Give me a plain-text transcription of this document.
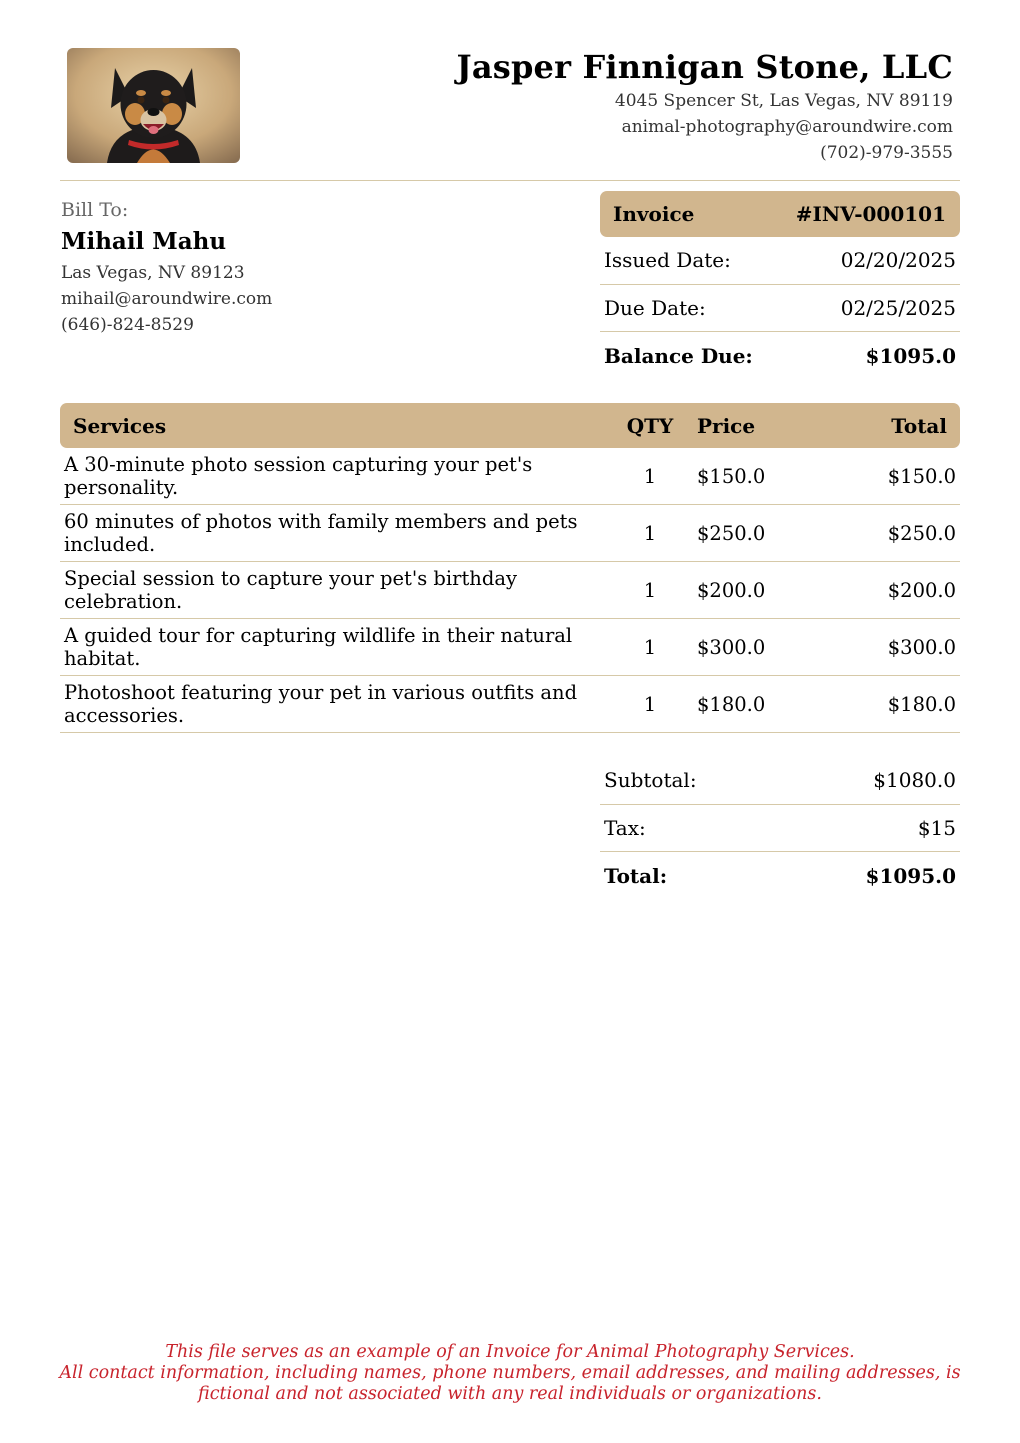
Jasper Finnigan Stone, LLC
4045 Spencer St, Las Vegas, NV 89119
animal-photography@aroundwire.com
(702)-979-3555
Bill To:
Mihail Mahu
Las Vegas, NV 89123
mihail@aroundwire.com
(646)-824-8529
Invoice	#INV-000101
Issued Date:	02/20/2025
Due Date:	02/25/2025
Balance Due:	$1095.0
Services	QTY	Price	Total
A 30-minute photo session capturing your pet's personality.	1	$150.0	$150.0
60 minutes of photos with family members and pets included.	1	$250.0	$250.0
Special session to capture your pet's birthday celebration.	1	$200.0	$200.0
A guided tour for capturing wildlife in their natural habitat.	1	$300.0	$300.0
Photoshoot featuring your pet in various outfits and accessories.	1	$180.0	$180.0
Subtotal:	$1080.0
Tax:	$15
Total:	$1095.0
This file serves as an example of an Invoice for Animal Photography Services.
All contact information, including names, phone numbers, email addresses, and mailing addresses, is
fictional and not associated with any real individuals or organizations.
